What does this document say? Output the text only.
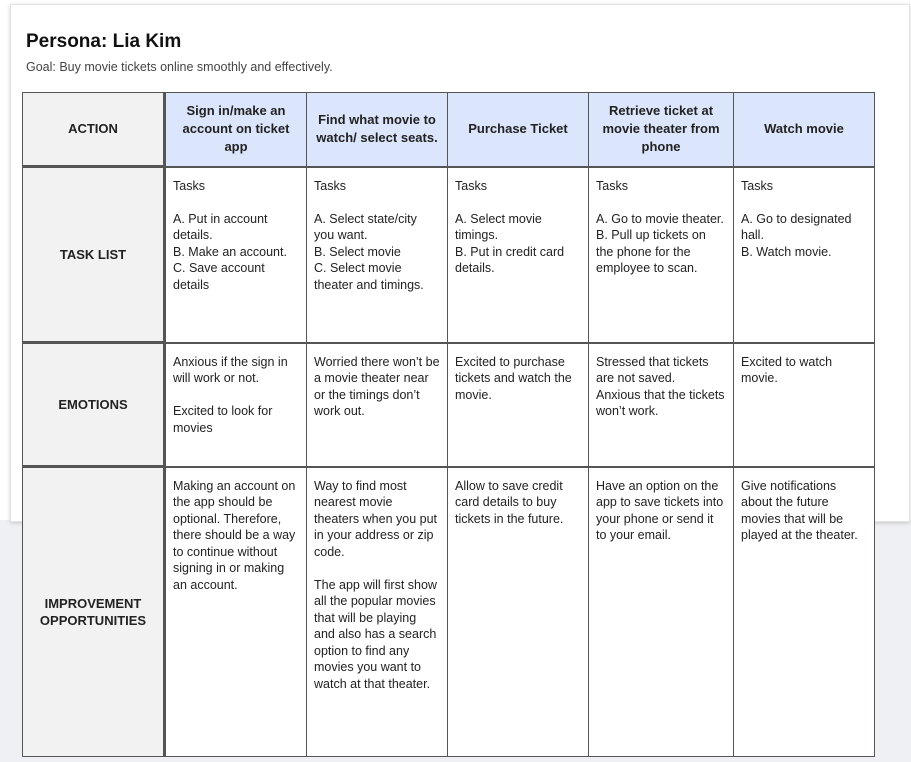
Persona: Lia Kim

Goal: Buy movie tickets online smoothly and effectively.

ACTION	Sign in/make an account on ticket app	Find what movie to watch/ select seats.	Purchase Ticket	Retrieve ticket at movie theater from phone	Watch movie
TASK LIST	Tasks

A. Put in account details.
B. Make an account.
C. Save account details	Tasks

A. Select state/city you want.
B. Select movie
C. Select movie theater and timings.	Tasks

A. Select movie timings.
B. Put in credit card details.	Tasks

A. Go to movie theater.
B. Pull up tickets on the phone for the employee to scan.	Tasks

A. Go to designated hall.
B. Watch movie.
EMOTIONS	Anxious if the sign in will work or not.

Excited to look for movies	Worried there won’t be a movie theater near or the timings don’t work out.	Excited to purchase tickets and watch the movie.	Stressed that tickets are not saved.
Anxious that the tickets won’t work.	Excited to watch movie.
IMPROVEMENT OPPORTUNITIES	Making an account on the app should be optional. Therefore, there should be a way to continue without signing in or making an account.	Way to find most nearest movie theaters when you put in your address or zip code.

The app will first show all the popular movies that will be playing and also has a search option to find any movies you want to watch at that theater.	Allow to save credit card details to buy tickets in the future.	Have an option on the app to save tickets into your phone or send it to your email.	Give notifications about the future movies that will be played at the theater.
